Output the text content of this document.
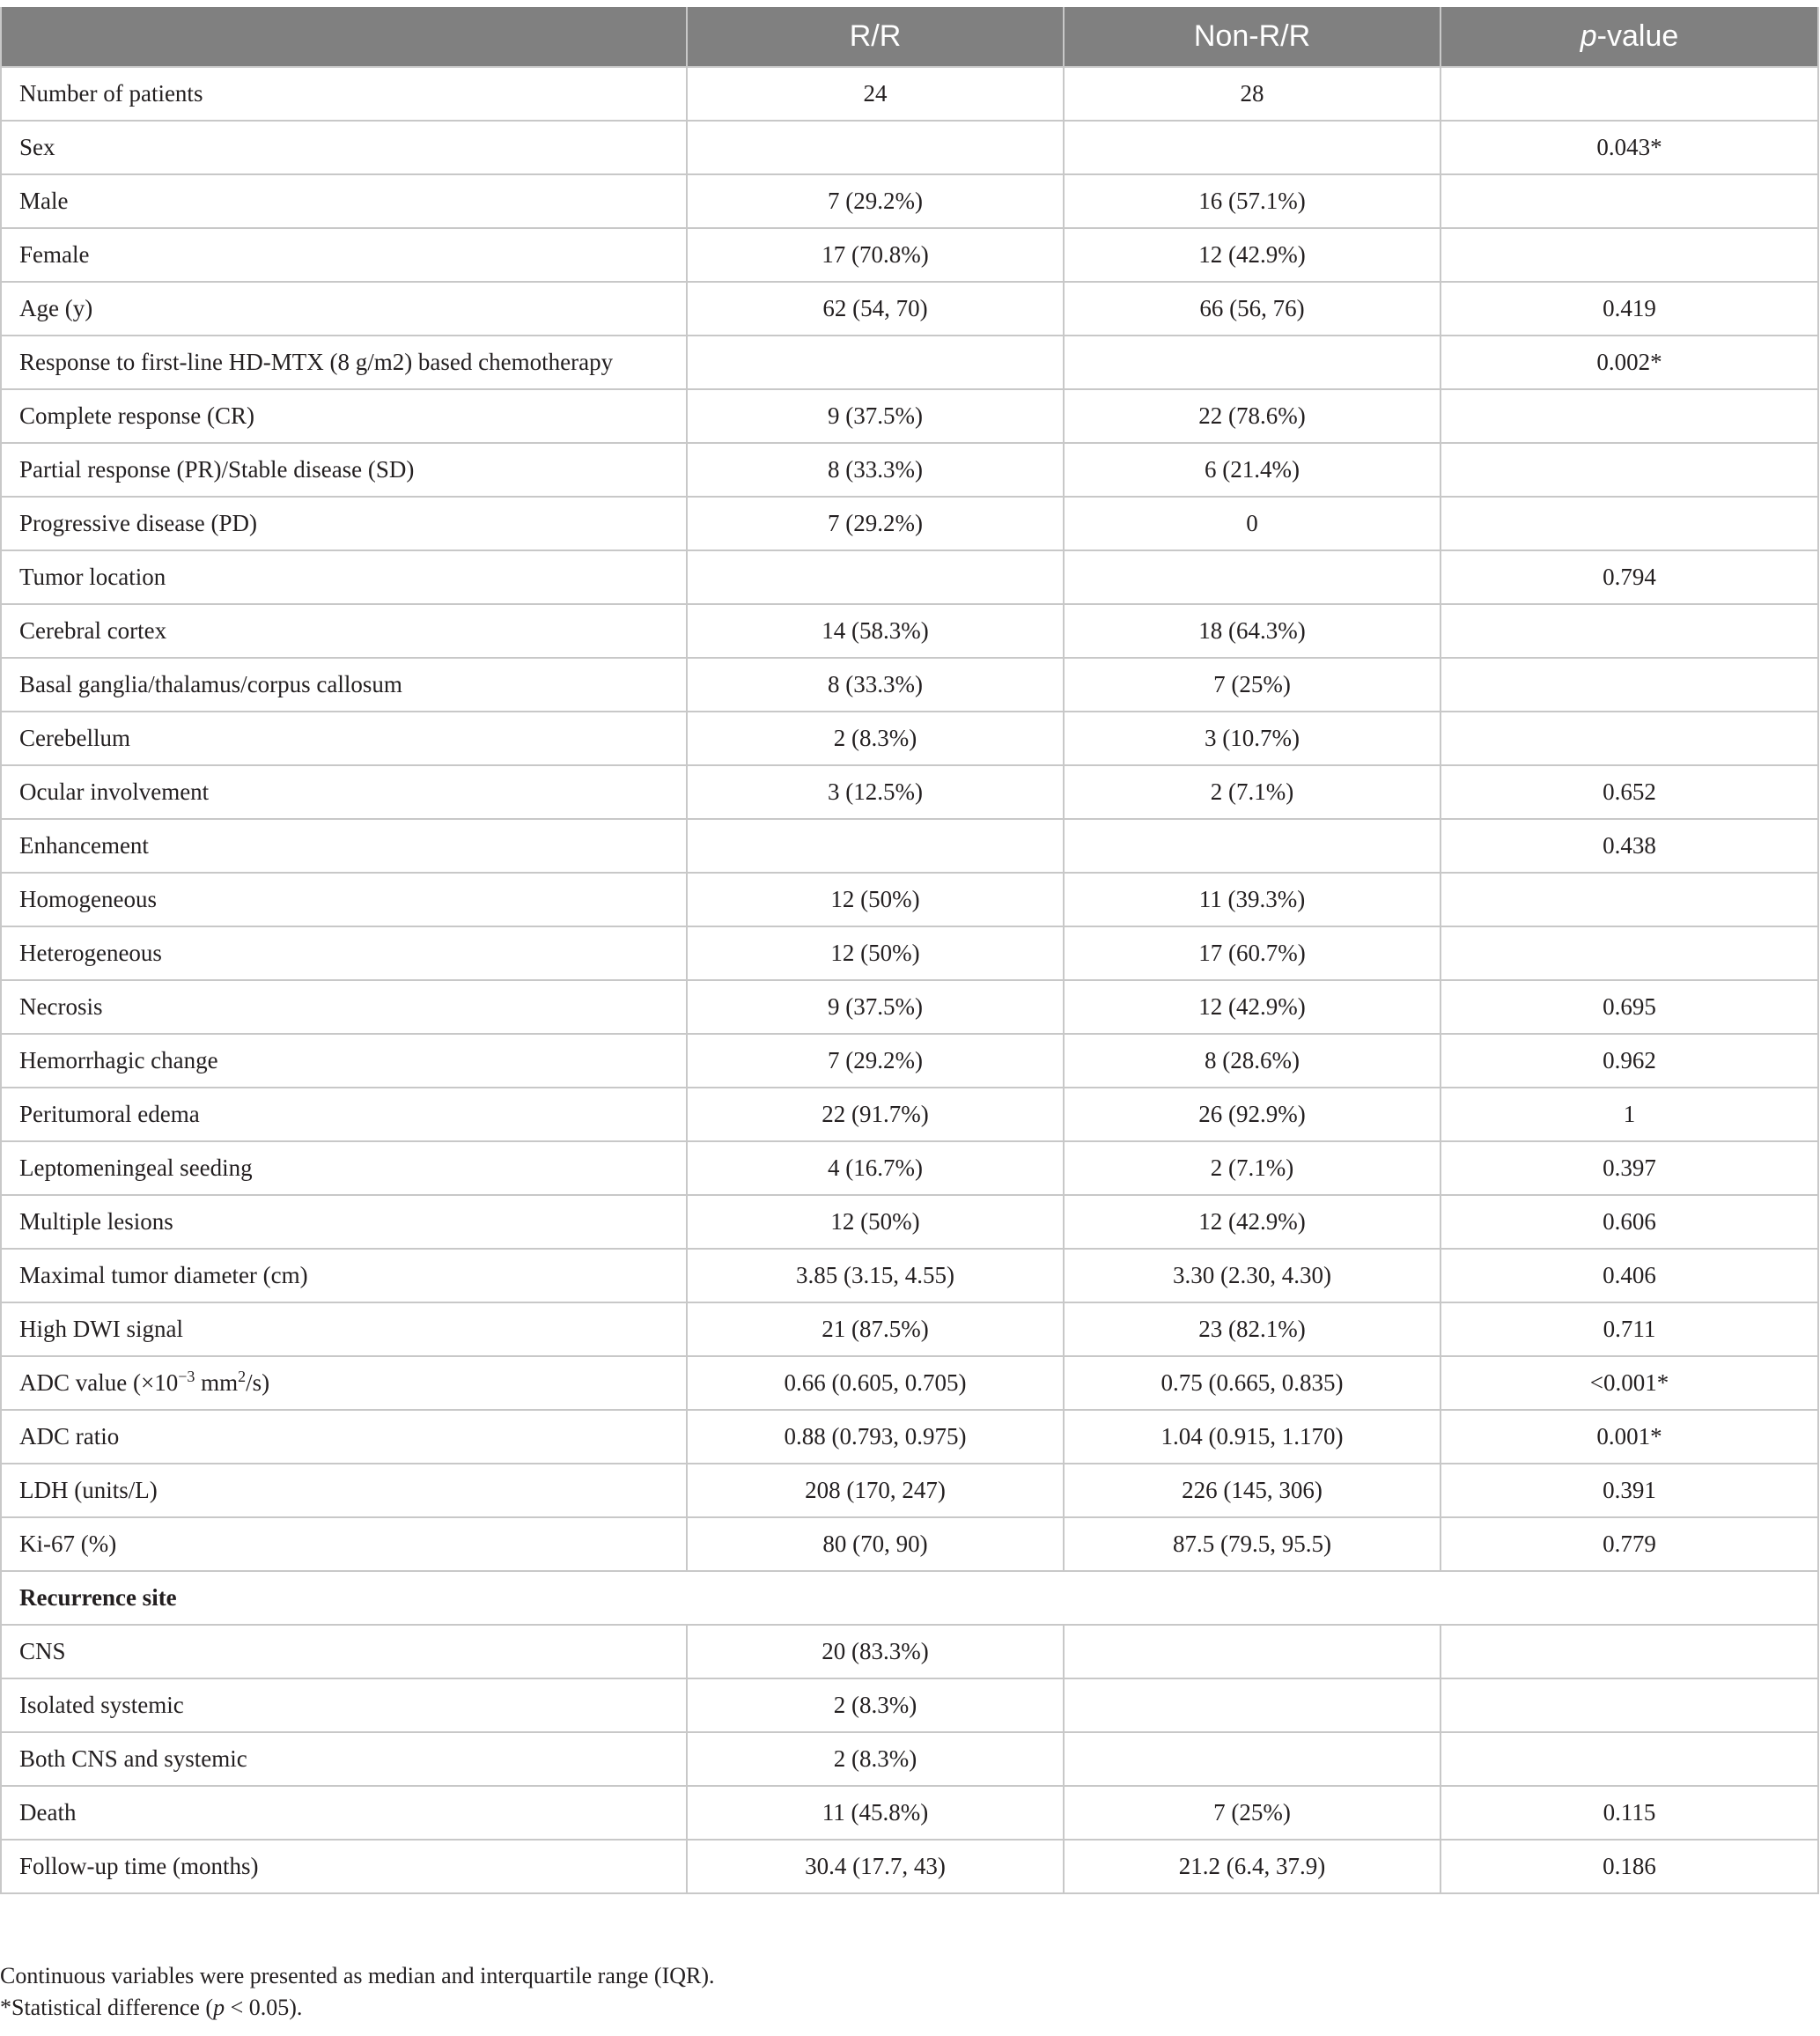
	R/R	Non-R/R	p-value
Number of patients	24	28	
Sex			0.043*
Male	7 (29.2%)	16 (57.1%)	
Female	17 (70.8%)	12 (42.9%)	
Age (y)	62 (54, 70)	66 (56, 76)	0.419
Response to first-line HD-MTX (8 g/m2) based chemotherapy			0.002*
Complete response (CR)	9 (37.5%)	22 (78.6%)	
Partial response (PR)/Stable disease (SD)	8 (33.3%)	6 (21.4%)	
Progressive disease (PD)	7 (29.2%)	0	
Tumor location			0.794
Cerebral cortex	14 (58.3%)	18 (64.3%)	
Basal ganglia/thalamus/corpus callosum	8 (33.3%)	7 (25%)	
Cerebellum	2 (8.3%)	3 (10.7%)	
Ocular involvement	3 (12.5%)	2 (7.1%)	0.652
Enhancement			0.438
Homogeneous	12 (50%)	11 (39.3%)	
Heterogeneous	12 (50%)	17 (60.7%)	
Necrosis	9 (37.5%)	12 (42.9%)	0.695
Hemorrhagic change	7 (29.2%)	8 (28.6%)	0.962
Peritumoral edema	22 (91.7%)	26 (92.9%)	1
Leptomeningeal seeding	4 (16.7%)	2 (7.1%)	0.397
Multiple lesions	12 (50%)	12 (42.9%)	0.606
Maximal tumor diameter (cm)	3.85 (3.15, 4.55)	3.30 (2.30, 4.30)	0.406
High DWI signal	21 (87.5%)	23 (82.1%)	0.711
ADC value ($\times 10^{-3}$ $mm^2/s$)	0.66 (0.605, 0.705)	0.75 (0.665, 0.835)	<0.001*
ADC ratio	0.88 (0.793, 0.975)	1.04 (0.915, 1.170)	0.001*
LDH (units/L)	208 (170, 247)	226 (145, 306)	0.391
Ki-67 (%)	80 (70, 90)	87.5 (79.5, 95.5)	0.779
Recurrence site			
CNS	20 (83.3%)		
Isolated systemic	2 (8.3%)		
Both CNS and systemic	2 (8.3%)		
Death	11 (45.8%)	7 (25%)	0.115
Follow-up time (months)	30.4 (17.7, 43)	21.2 (6.4, 37.9)	0.186

Continuous variables were presented as median and interquartile range (IQR).

*Statistical difference (p < 0.05).
